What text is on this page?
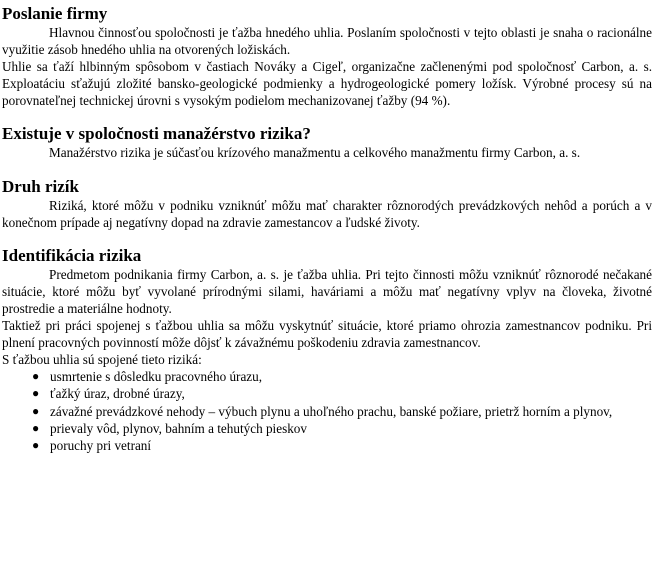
Poslanie firmy

Hlavnou činnosťou spoločnosti je ťažba hnedého uhlia. Poslaním spoločnosti v tejto oblasti je snaha o racionálne využitie zásob hnedého uhlia na otvorených ložiskách.

Uhlie sa ťaží hlbinným spôsobom v častiach Nováky a Cigeľ, organizačne začlenenými pod spoločnosť Carbon, a. s. Exploatáciu sťažujú zložité bansko-geologické podmienky a hydrogeologické pomery ložísk. Výrobné procesy sú na porovnateľnej technickej úrovni s vysokým podielom mechanizovanej ťažby (94 %).

Existuje v spoločnosti manažérstvo rizika?

Manažérstvo rizika je súčasťou krízového manažmentu a celkového manažmentu firmy Carbon, a. s.

Druh rizík

Riziká, ktoré môžu v podniku vzniknúť môžu mať charakter rôznorodých prevádzkových nehôd a porúch a v konečnom prípade aj negatívny dopad na zdravie zamestancov a ľudské životy.

Identifikácia rizika

Predmetom podnikania firmy Carbon, a. s. je ťažba uhlia. Pri tejto činnosti môžu vzniknúť rôznorodé nečakané situácie, ktoré môžu byť vyvolané prírodnými silami, haváriami a môžu mať negatívny vplyv na človeka, životné prostredie a materiálne hodnoty.

Taktiež pri práci spojenej s ťažbou uhlia sa môžu vyskytnúť situácie, ktoré priamo ohrozia zamestnancov podniku. Pri plnení pracovných povinností môže dôjsť k závažnému poškodeniu zdravia zamestnancov.

S ťažbou uhlia sú spojené tieto riziká:

● usmrtenie s dôsledku pracovného úrazu,
● ťažký úraz, drobné úrazy,
● závažné prevádzkové nehody – výbuch plynu a uhoľného prachu, banské požiare, prietrž horním a plynov,
● prievaly vôd, plynov, bahním a tehutých pieskov
● poruchy pri vetraní
